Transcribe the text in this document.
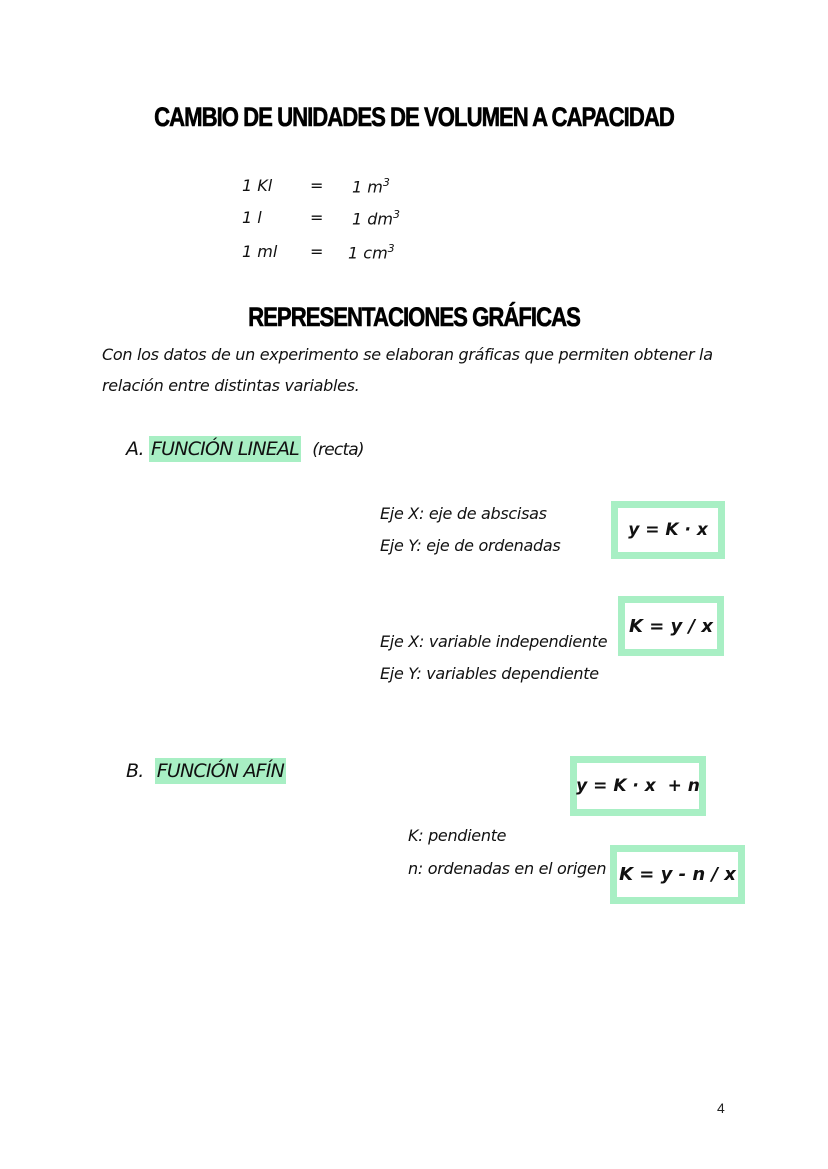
CAMBIO DE UNIDADES DE VOLUMEN A CAPACIDAD
1 Kl = 1 $m^3$
1 l	= 1 $dm^3$
1 ml = 1 $cm^3$
REPRESENTACIONES GRÁFICAS
Con los datos de un experimento se elaboran gráficas que permiten obtener la
relación entre distintas variables.
A. FUNCIÓN LINEAL (recta)
Eje X: eje de abscisas
Eje Y: eje de ordenadas
y = K · x
K = y / x
Eje X: variable independiente
Eje Y: variables dependiente
B. FUNCIÓN AFÍN
y = K · x  + n
K: pendiente
n: ordenadas en el origen K = y - n / x
4
